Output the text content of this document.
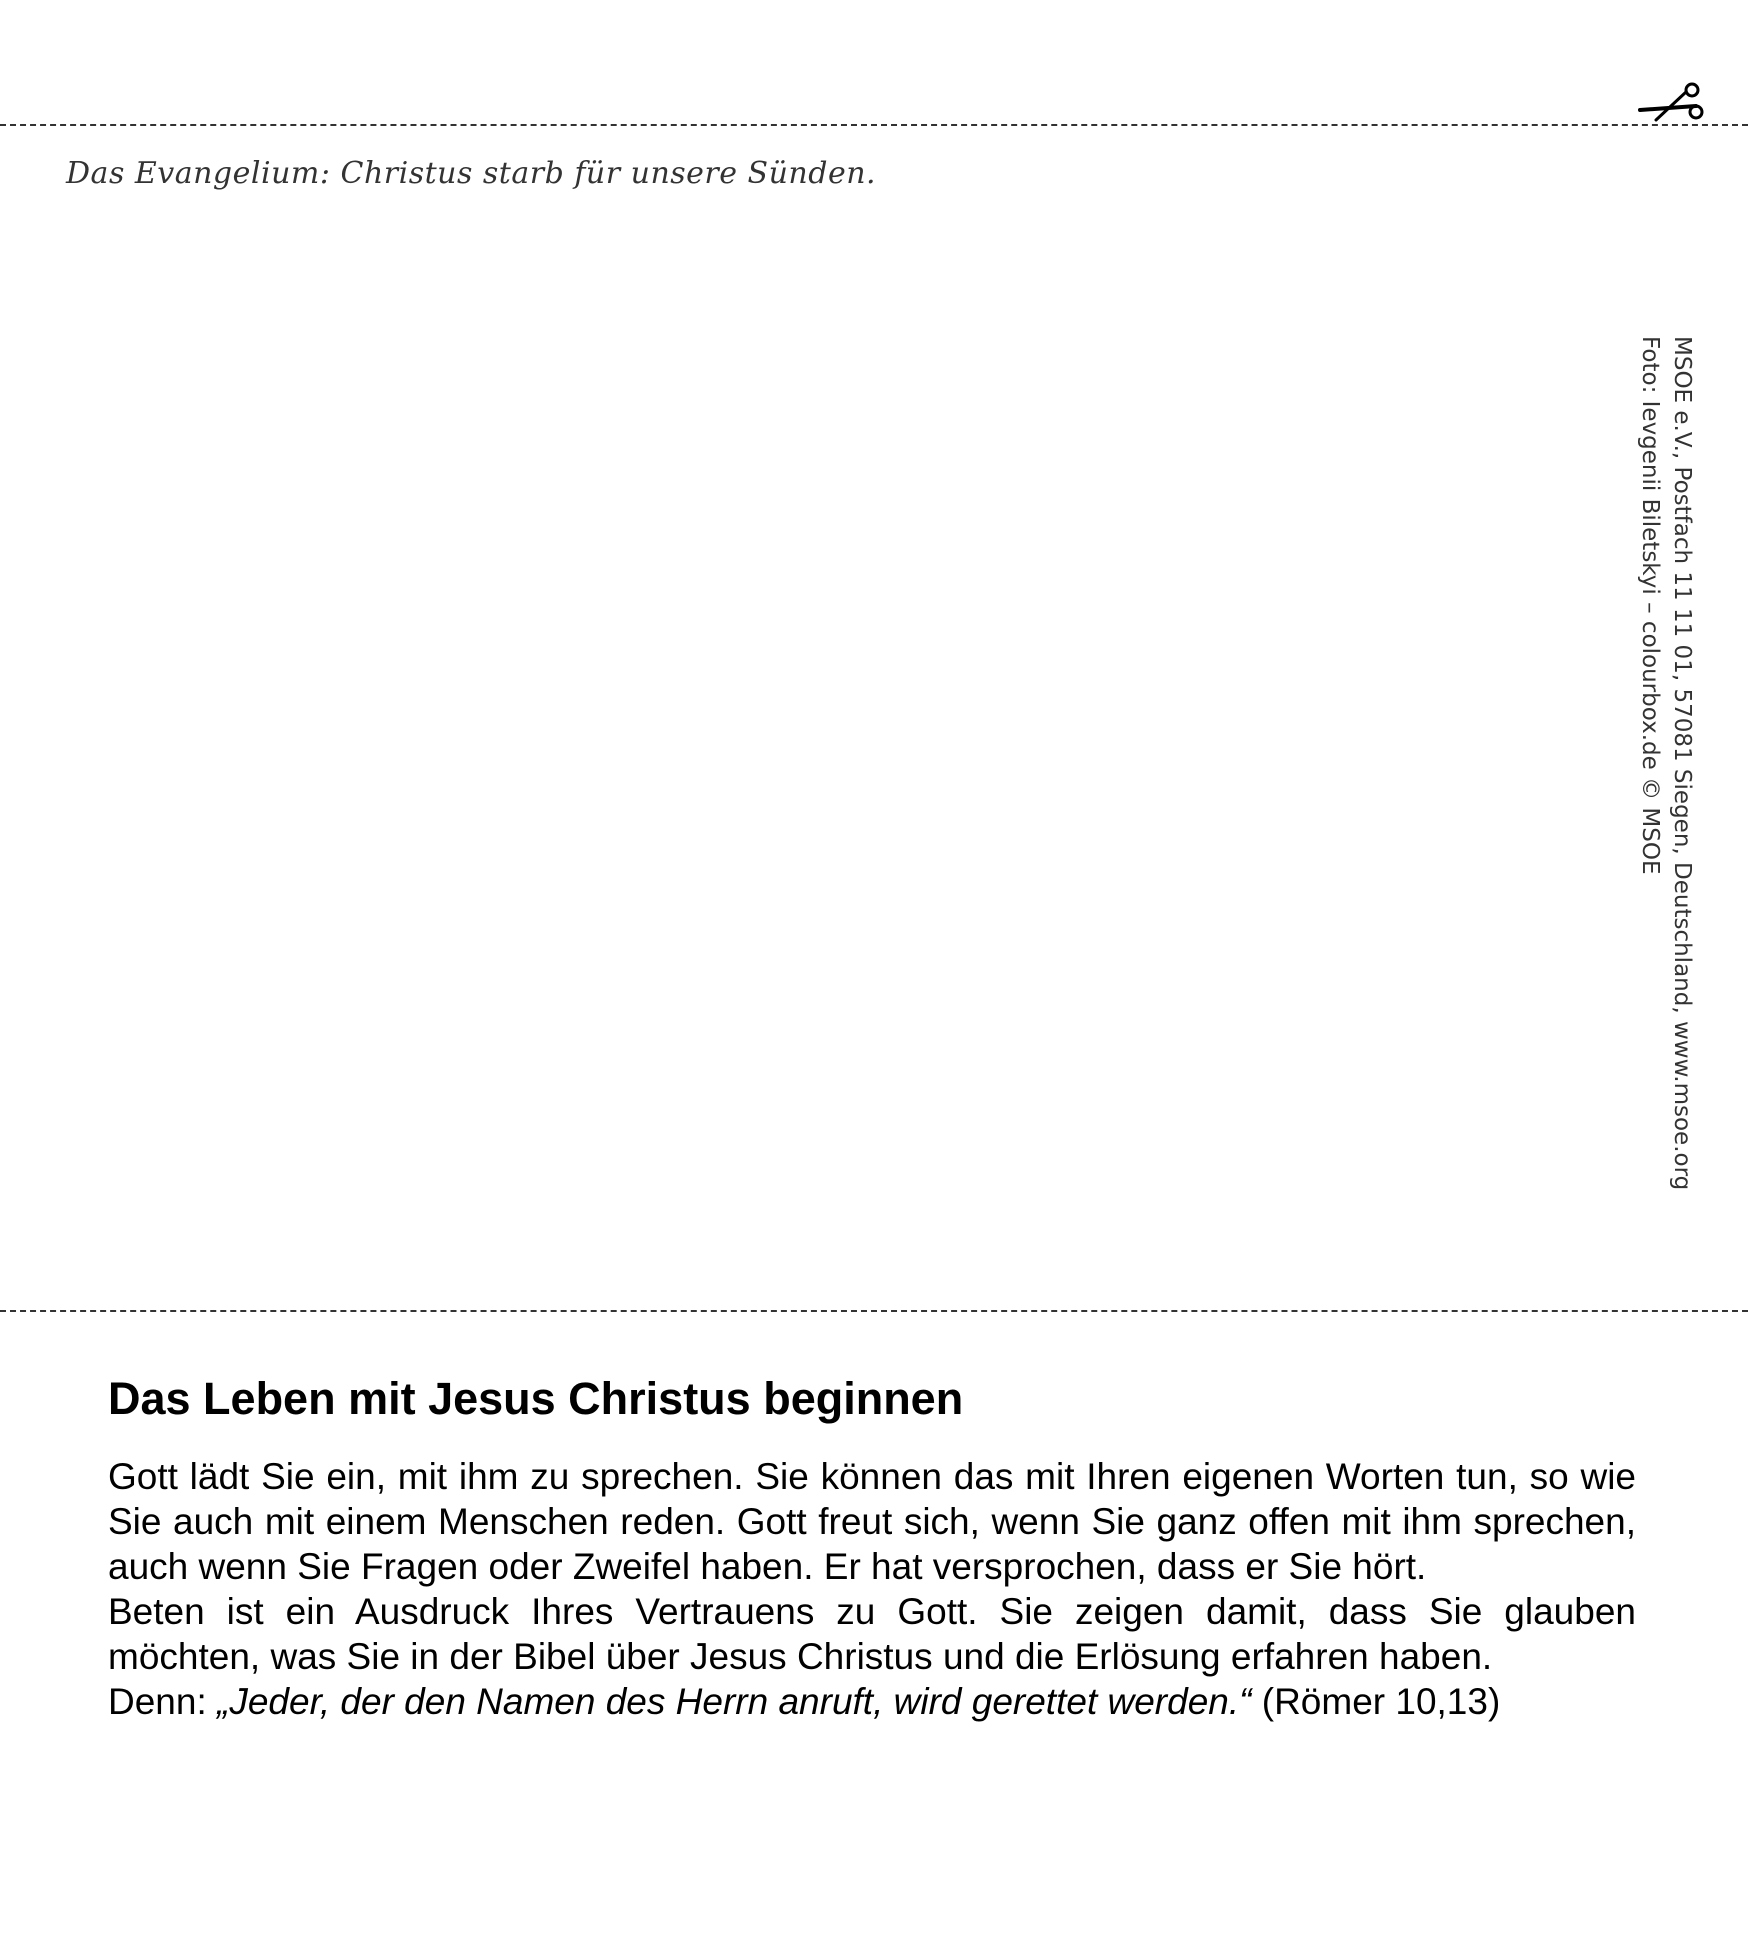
Das Evangelium: Christus starb für unsere Sünden.
MSOE e.V., Postfach 11 11 01, 57081 Siegen, Deutschland, www.msoe.org
Foto: Ievgenii Biletskyi – colourbox.de © MSOE
Das Leben mit Jesus Christus beginnen

Gott lädt Sie ein, mit ihm zu sprechen. Sie können das mit Ihren eigenen Worten tun, so wie Sie auch mit einem Menschen reden. Gott freut sich, wenn Sie ganz offen mit ihm sprechen, auch wenn Sie Fragen oder Zweifel haben. Er hat versprochen, dass er Sie hört.

Beten ist ein Ausdruck Ihres Vertrauens zu Gott. Sie zeigen damit, dass Sie glauben möchten, was Sie in der Bibel über Jesus Christus und die Erlösung erfahren haben.

Denn: „Jeder, der den Namen des Herrn anruft, wird gerettet werden.“ (Römer 10,13)
